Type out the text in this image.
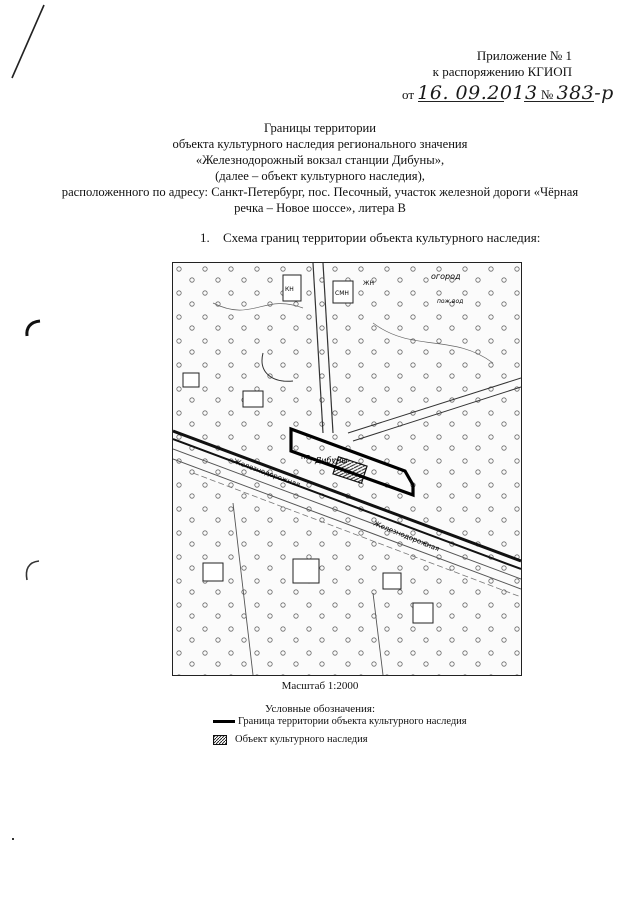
Приложение № 1
к распоряжению КГИОП
от 16. 09.2013 № 383-р
Границы территории
объекта культурного наследия регионального значения
«Железнодорожный вокзал станции Дибуны»,
(далее – объект культурного наследия),
расположенного по адресу: Санкт-Петербург, пос. Песочный, участок железной дороги «Чёрная
речка – Новое шоссе», литера В
1. Схема границ территории объекта культурного наследия:
КН
СМН
огород
пож.вод
ЖН
пл. Дибуны
Железнодорожная
Железнодорожная
Масштаб 1:2000
Условные обозначения:
Граница территории объекта культурного наследия
Объект культурного наследия
